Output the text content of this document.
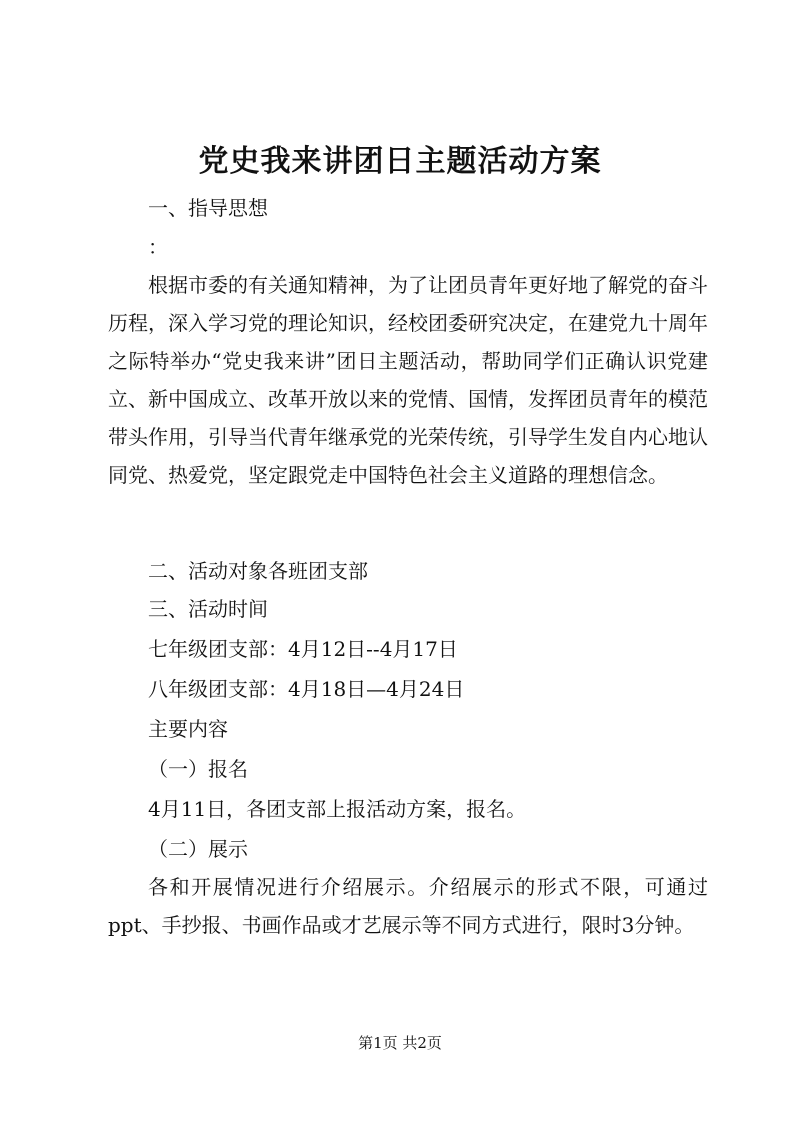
党史我来讲团日主题活动方案
一、指导思想
：
根据市委的有关通知精神，为了让团员青年更好地了解党的奋斗历程，深入学习党的理论知识，经校团委研究决定，在建党九十周年之际特举办“党史我来讲”团日主题活动，帮助同学们正确认识党建立、新中国成立、改革开放以来的党情、国情，发挥团员青年的模范带头作用，引导当代青年继承党的光荣传统，引导学生发自内心地认同党、热爱党，坚定跟党走中国特色社会主义道路的理想信念。
二、活动对象各班团支部
三、活动时间
七年级团支部：4月12日--4月17日
八年级团支部：4月18日—4月24日
主要内容
（一）报名
4月11日，各团支部上报活动方案，报名。
（二）展示
各和开展情况进行介绍展示。介绍展示的形式不限，可通过ppt、手抄报、书画作品或才艺展示等不同方式进行，限时3分钟。
第1页 共2页
